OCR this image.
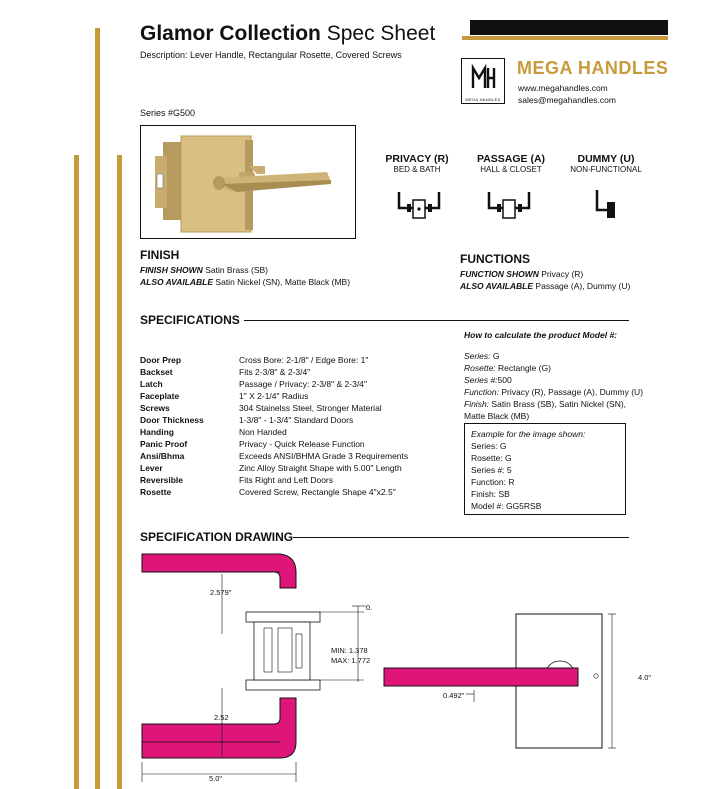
Glamor Collection Spec Sheet
Description: Lever Handle, Rectangular Rosette, Covered Screws
MEGA HANDLES
MEGA HANDLES
www.megahandles.com
sales@megahandles.com
Series #G500
PRIVACY (R)
BED & BATH
PASSAGE (A)
HALL & CLOSET
DUMMY (U)
NON-FUNCTIONAL
FINISH
FINISH SHOWN Satin Brass (SB)
ALSO AVAILABLE Satin Nickel (SN), Matte Black (MB)
FUNCTIONS
FUNCTION SHOWN Privacy (R)
ALSO AVAILABLE Passage (A), Dummy (U)
SPECIFICATIONS
Door Prep	Cross Bore: 2-1/8" / Edge Bore: 1"
Backset	Fits 2-3/8" & 2-3/4"
Latch	Passage / Privacy: 2-3/8" & 2-3/4"
Faceplate	1" X 2-1/4" Radius
Screws	304 Stainelss Steel, Stronger Material
Door Thickness	1-3/8" - 1-3/4" Standard Doors
Handing	Non Handed
Panic Proof	Privacy - Quick Release Function
Ansi/Bhma	Exceeds ANSI/BHMA Grade 3 Requirements
Lever	Zinc Alloy Straight Shape with 5.00" Length
Reversible	Fits Right and Left Doors
Rosette	Covered Screw, Rectangle Shape 4"x2.5"
How to calculate the product Model #:
Series: G
Rosette: Rectangle (G)
Series #:500
Function: Privacy (R), Passage (A), Dummy (U)
Finish: Satin Brass (SB), Satin Nickel (SN),
Matte Black (MB)
Example for the image shown:
Series: G
Rosette: G
Series #: 5
Function: R
Finish: SB
Model #: GG5RSB
SPECIFICATION DRAWING
2.579"
2.52
5.0"
0.
MIN: 1.378
MAX: 1.772
0.492"
4.0"
